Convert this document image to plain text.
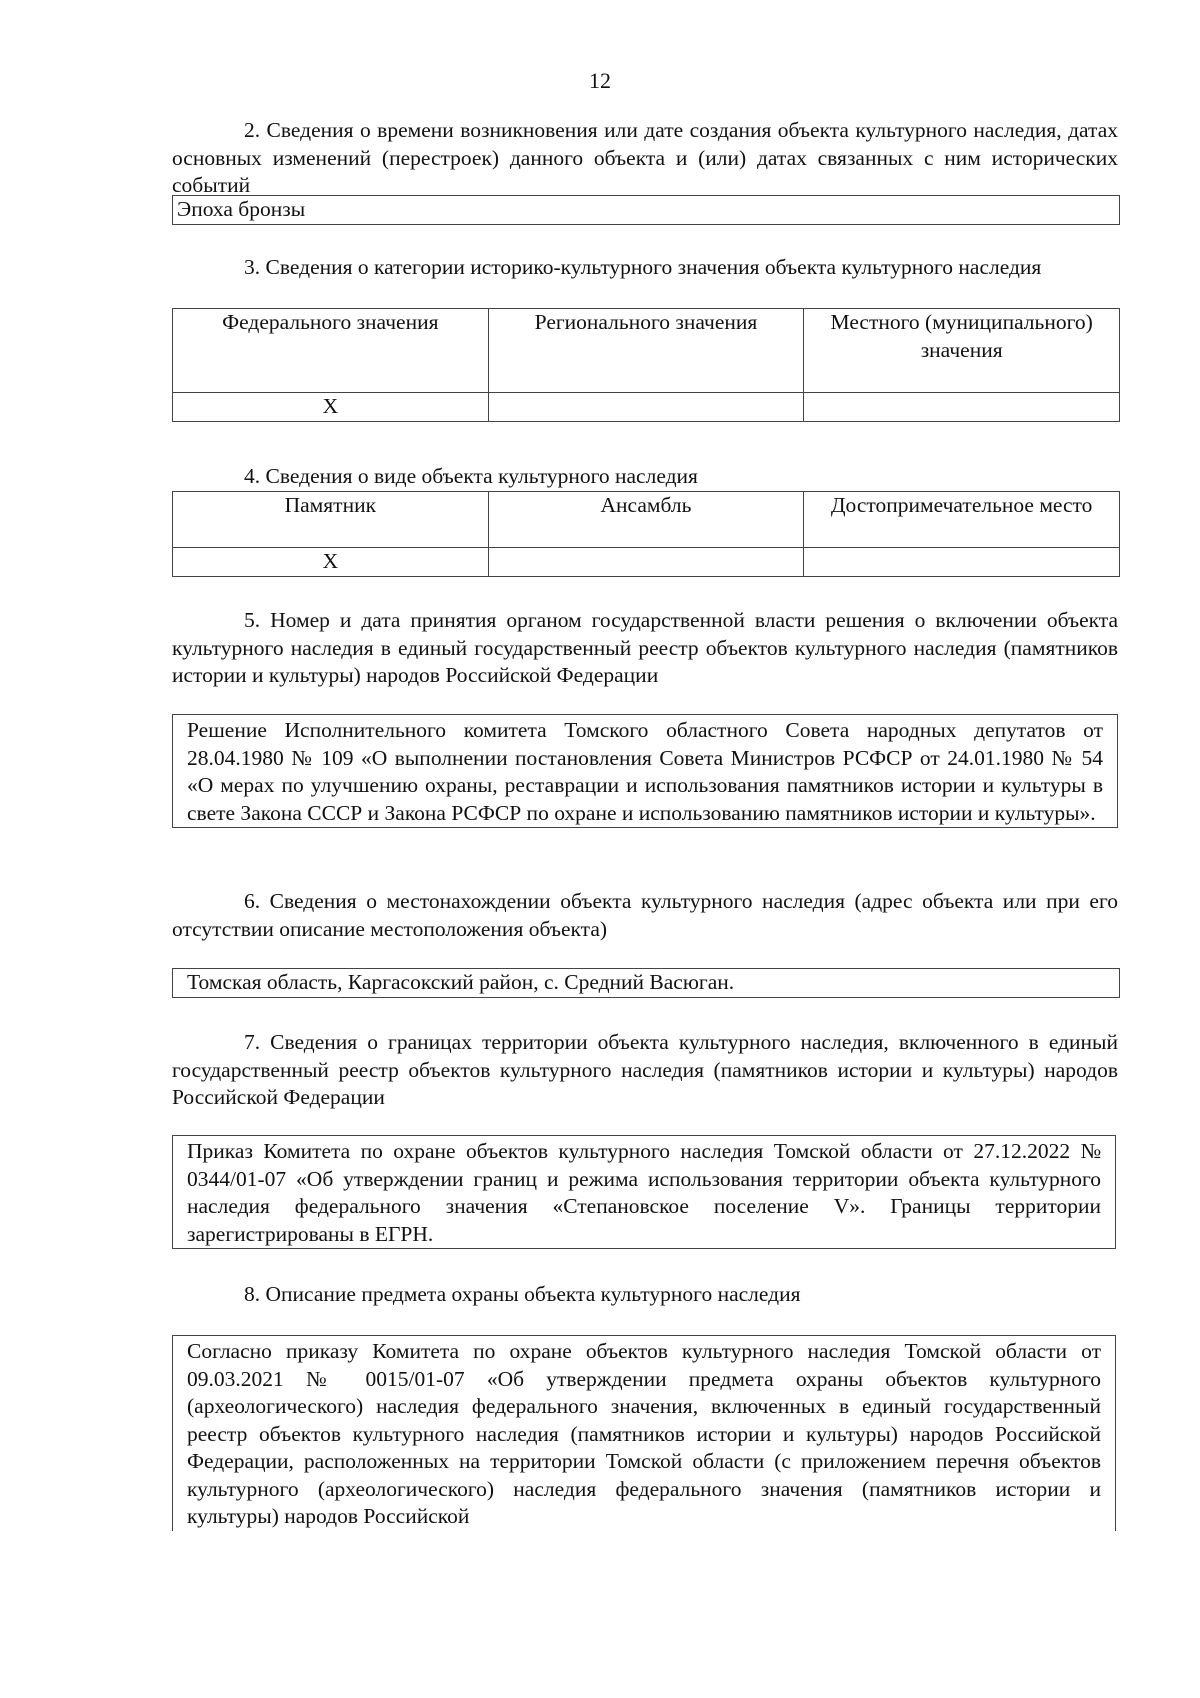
12
2. Сведения о времени возникновения или дате создания объекта культурного наследия, датах основных изменений (перестроек) данного объекта и (или) датах связанных с ним исторических событий
Эпоха бронзы
3. Сведения о категории историко-культурного значения объекта культурного наследия
Федерального значения	Регионального значения	Местного (муниципального) значения
X		
4. Сведения о виде объекта культурного наследия
Памятник	Ансамбль	Достопримечательное место
X		
5. Номер и дата принятия органом государственной власти решения о включении объекта культурного наследия в единый государственный реестр объектов культурного наследия (памятников истории и культуры) народов Российской Федерации
Решение Исполнительного комитета Томского областного Совета народных депутатов от 28.04.1980 № 109 «О выполнении постановления Совета Министров РСФСР от 24.01.1980 № 54 «О мерах по улучшению охраны, реставрации и использования памятников истории и культуры в свете Закона СССР и Закона РСФСР по охране и использованию памятников истории и культуры».
6. Сведения о местонахождении объекта культурного наследия (адрес объекта или при его отсутствии описание местоположения объекта)
Томская область, Каргасокский район, с. Средний Васюган.
7. Сведения о границах территории объекта культурного наследия, включенного в единый государственный реестр объектов культурного наследия (памятников истории и культуры) народов Российской Федерации
Приказ Комитета по охране объектов культурного наследия Томской области от 27.12.2022 № 0344/01-07 «Об утверждении границ и режима использования территории объекта культурного наследия федерального значения «Степановское поселение V». Границы территории зарегистрированы в ЕГРН.
8. Описание предмета охраны объекта культурного наследия
Согласно приказу Комитета по охране объектов культурного наследия Томской области от 09.03.2021 № 0015/01-07 «Об утверждении предмета охраны объектов культурного (археологического) наследия федерального значения, включенных в единый государственный реестр объектов культурного наследия (памятников истории и культуры) народов Российской Федерации, расположенных на территории Томской области (с приложением перечня объектов культурного (археологического) наследия федерального значения (памятников истории и культуры) народов Российской
